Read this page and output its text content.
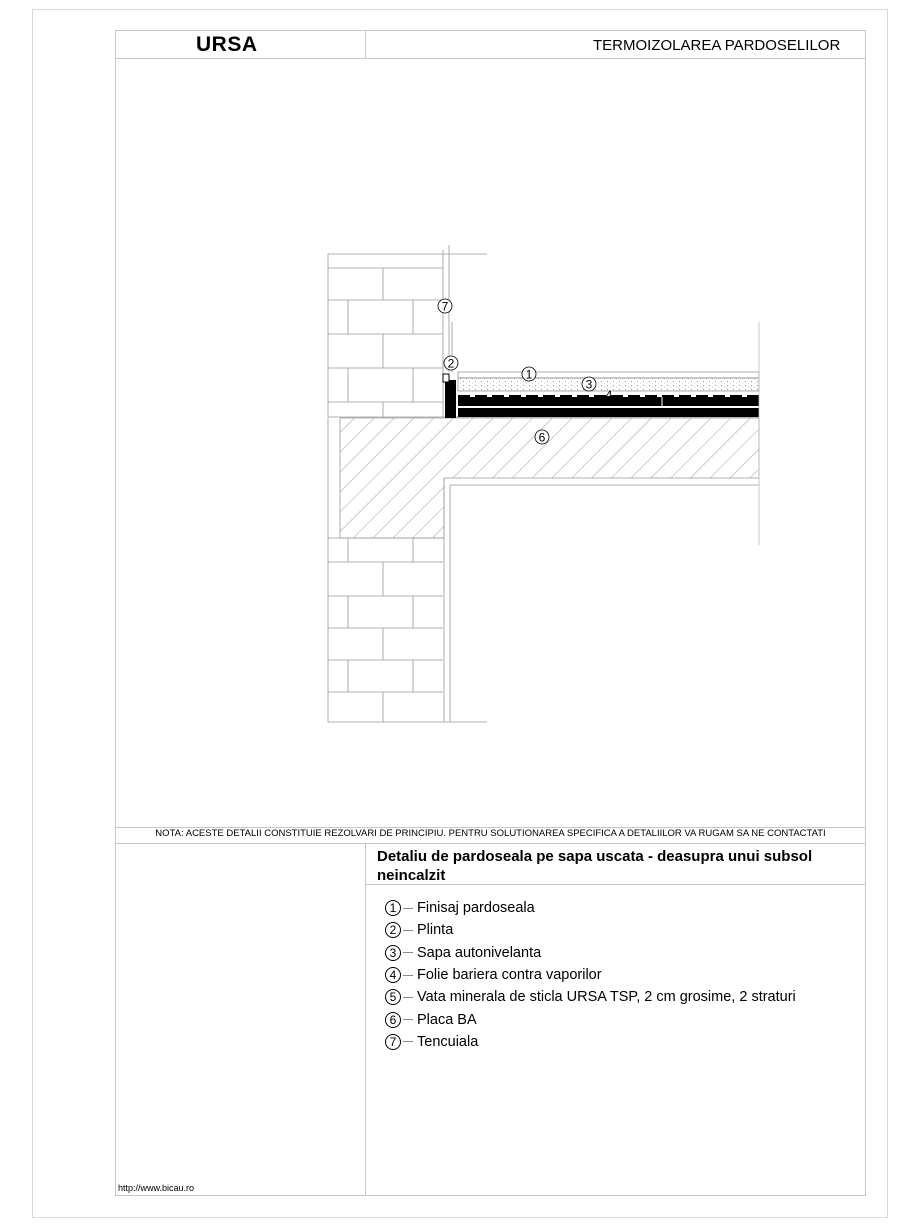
URSA	TERMOIZOLAREA PARDOSELILOR
NOTA: ACESTE DETALII CONSTITUIE REZOLVARI DE PRINCIPIU. PENTRU SOLUTIONAREA SPECIFICA A DETALIILOR VA RUGAM SA NE CONTACTATI
Detaliu de pardoseala pe sapa uscata - deasupra unui subsol neincalzit
1	Finisaj pardoseala
2	Plinta
3	Sapa autonivelanta
4	Folie bariera contra vaporilor
5	Vata minerala de sticla URSA TSP, 2 cm grosime, 2 straturi
6	Placa BA
7	Tencuiala
http://www.bicau.ro
7
2
1
3
4
6
